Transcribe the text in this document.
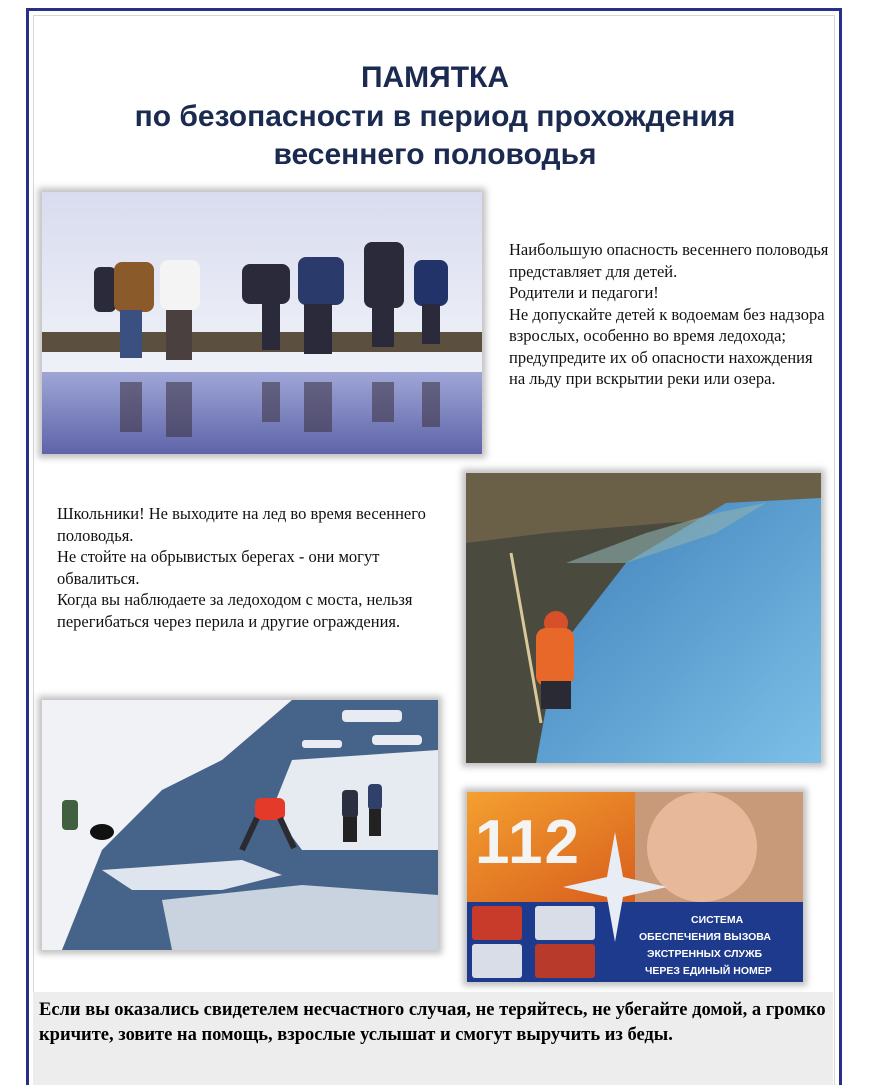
ПАМЯТКА
по безопасности в период прохождения
весеннего половодья
Наибольшую опасность весеннего половодья представляет для детей.
Родители и педагоги!
Не допускайте детей к водоемам без надзора взрослых, особенно во время ледохода; предупредите их об опасности нахождения на льду при вскрытии реки или озера.
Школьники! Не выходите на лед во время весеннего половодья.
Не стойте на обрывистых берегах - они могут обвалиться.
Когда вы наблюдаете за ледоходом с моста, нельзя перегибаться через перила и другие ограждения.
112
СИСТЕМА
ОБЕСПЕЧЕНИЯ ВЫЗОВА
ЭКСТРЕННЫХ СЛУЖБ
ЧЕРЕЗ ЕДИНЫЙ НОМЕР
Если вы оказались свидетелем несчастного случая, не теряйтесь, не убегайте домой, а громко кричите, зовите на помощь, взрослые услышат и смогут выручить из беды.
